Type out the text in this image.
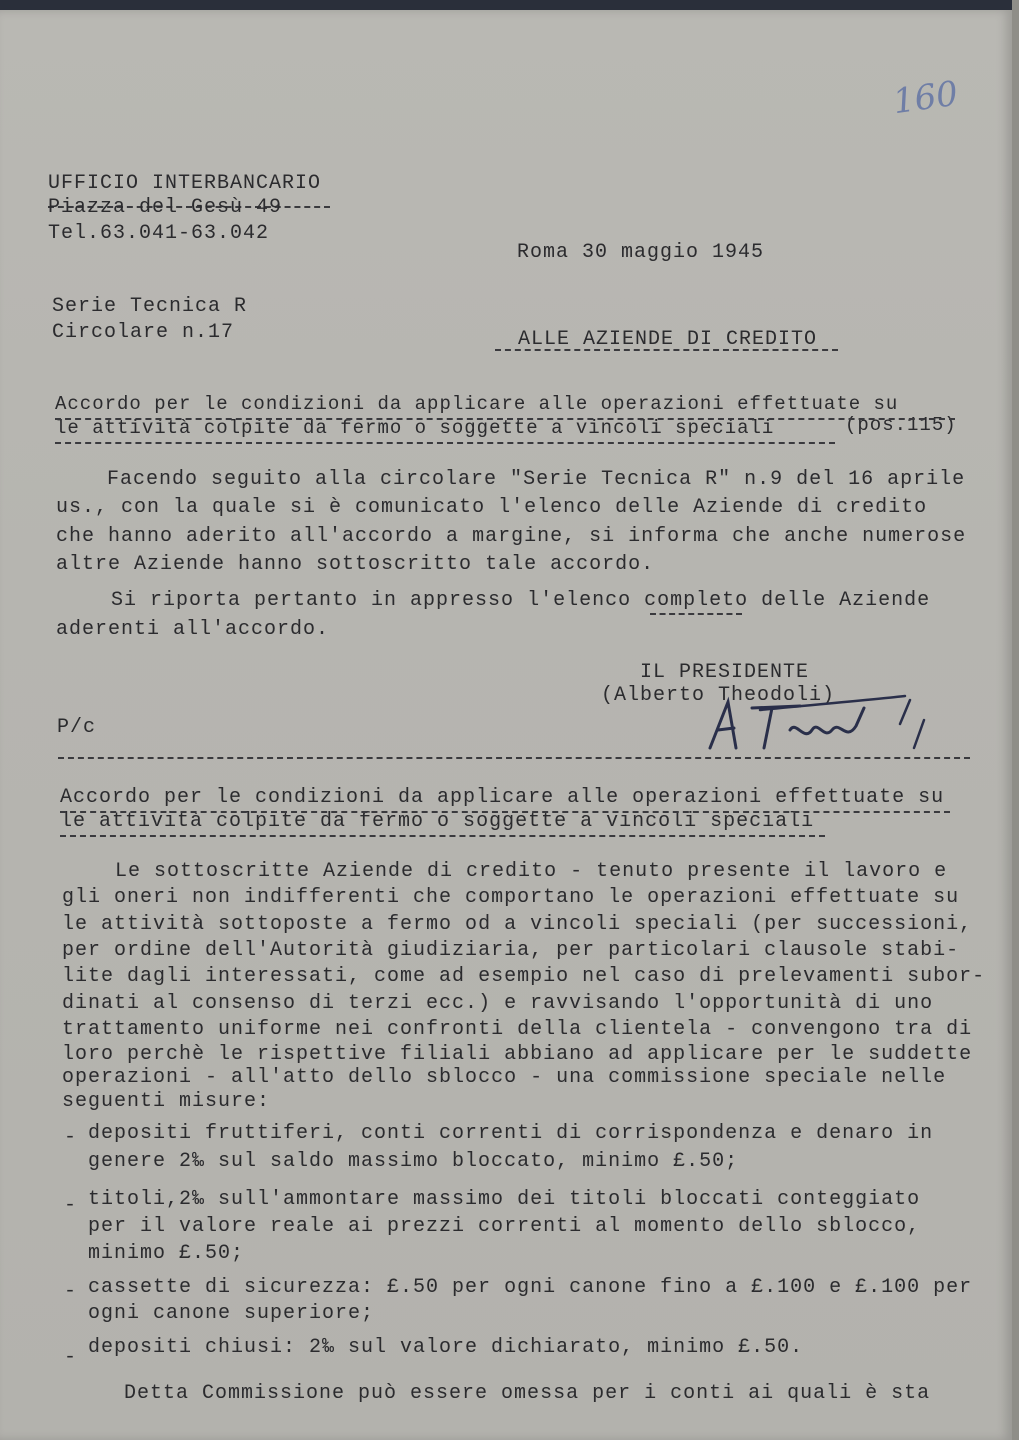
160
UFFICIO INTERBANCARIO
Piazza del Gesù 49
Tel.63.041-63.042
Roma 30 maggio 1945
Serie Tecnica R
Circolare n.17	ALLE AZIENDE DI CREDITO
Accordo per le condizioni da applicare alle operazioni effettuate su
le attività colpite da fermo o soggette a vincoli speciali	(pos.115)
Facendo seguito alla circolare "Serie Tecnica R" n.9 del 16 aprile
us., con la quale si è comunicato l'elenco delle Aziende di credito
che hanno aderito all'accordo a margine, si informa che anche numerose
altre Aziende hanno sottoscritto tale accordo.
Si riporta pertanto in appresso l'elenco completo delle Aziende
aderenti all'accordo.
IL PRESIDENTE
(Alberto Theodoli)
P/c
Accordo per le condizioni da applicare alle operazioni effettuate su
le attività colpite da fermo o soggette a vincoli speciali
Le sottoscritte Aziende di credito - tenuto presente il lavoro e
gli oneri non indifferenti che comportano le operazioni effettuate su
le attività sottoposte a fermo od a vincoli speciali (per successioni,
per ordine dell'Autorità giudiziaria, per particolari clausole stabi-
lite dagli interessati, come ad esempio nel caso di prelevamenti subor-
dinati al consenso di terzi ecc.) e ravvisando l'opportunità di uno
trattamento uniforme nei confronti della clientela - convengono tra di
loro perchè le rispettive filiali abbiano ad applicare per le suddette
operazioni - all'atto dello sblocco - una commissione speciale nelle
seguenti misure:
- depositi fruttiferi, conti correnti di corrispondenza e denaro in
genere 2‰ sul saldo massimo bloccato, minimo £.50;
- titoli,2‰ sull'ammontare massimo dei titoli bloccati conteggiato
per il valore reale ai prezzi correnti al momento dello sblocco,
minimo £.50;
- cassette di sicurezza: £.50 per ogni canone fino a £.100 e £.100 per
ogni canone superiore;
- depositi chiusi: 2‰ sul valore dichiarato, minimo £.50.
Detta Commissione può essere omessa per i conti ai quali è sta
